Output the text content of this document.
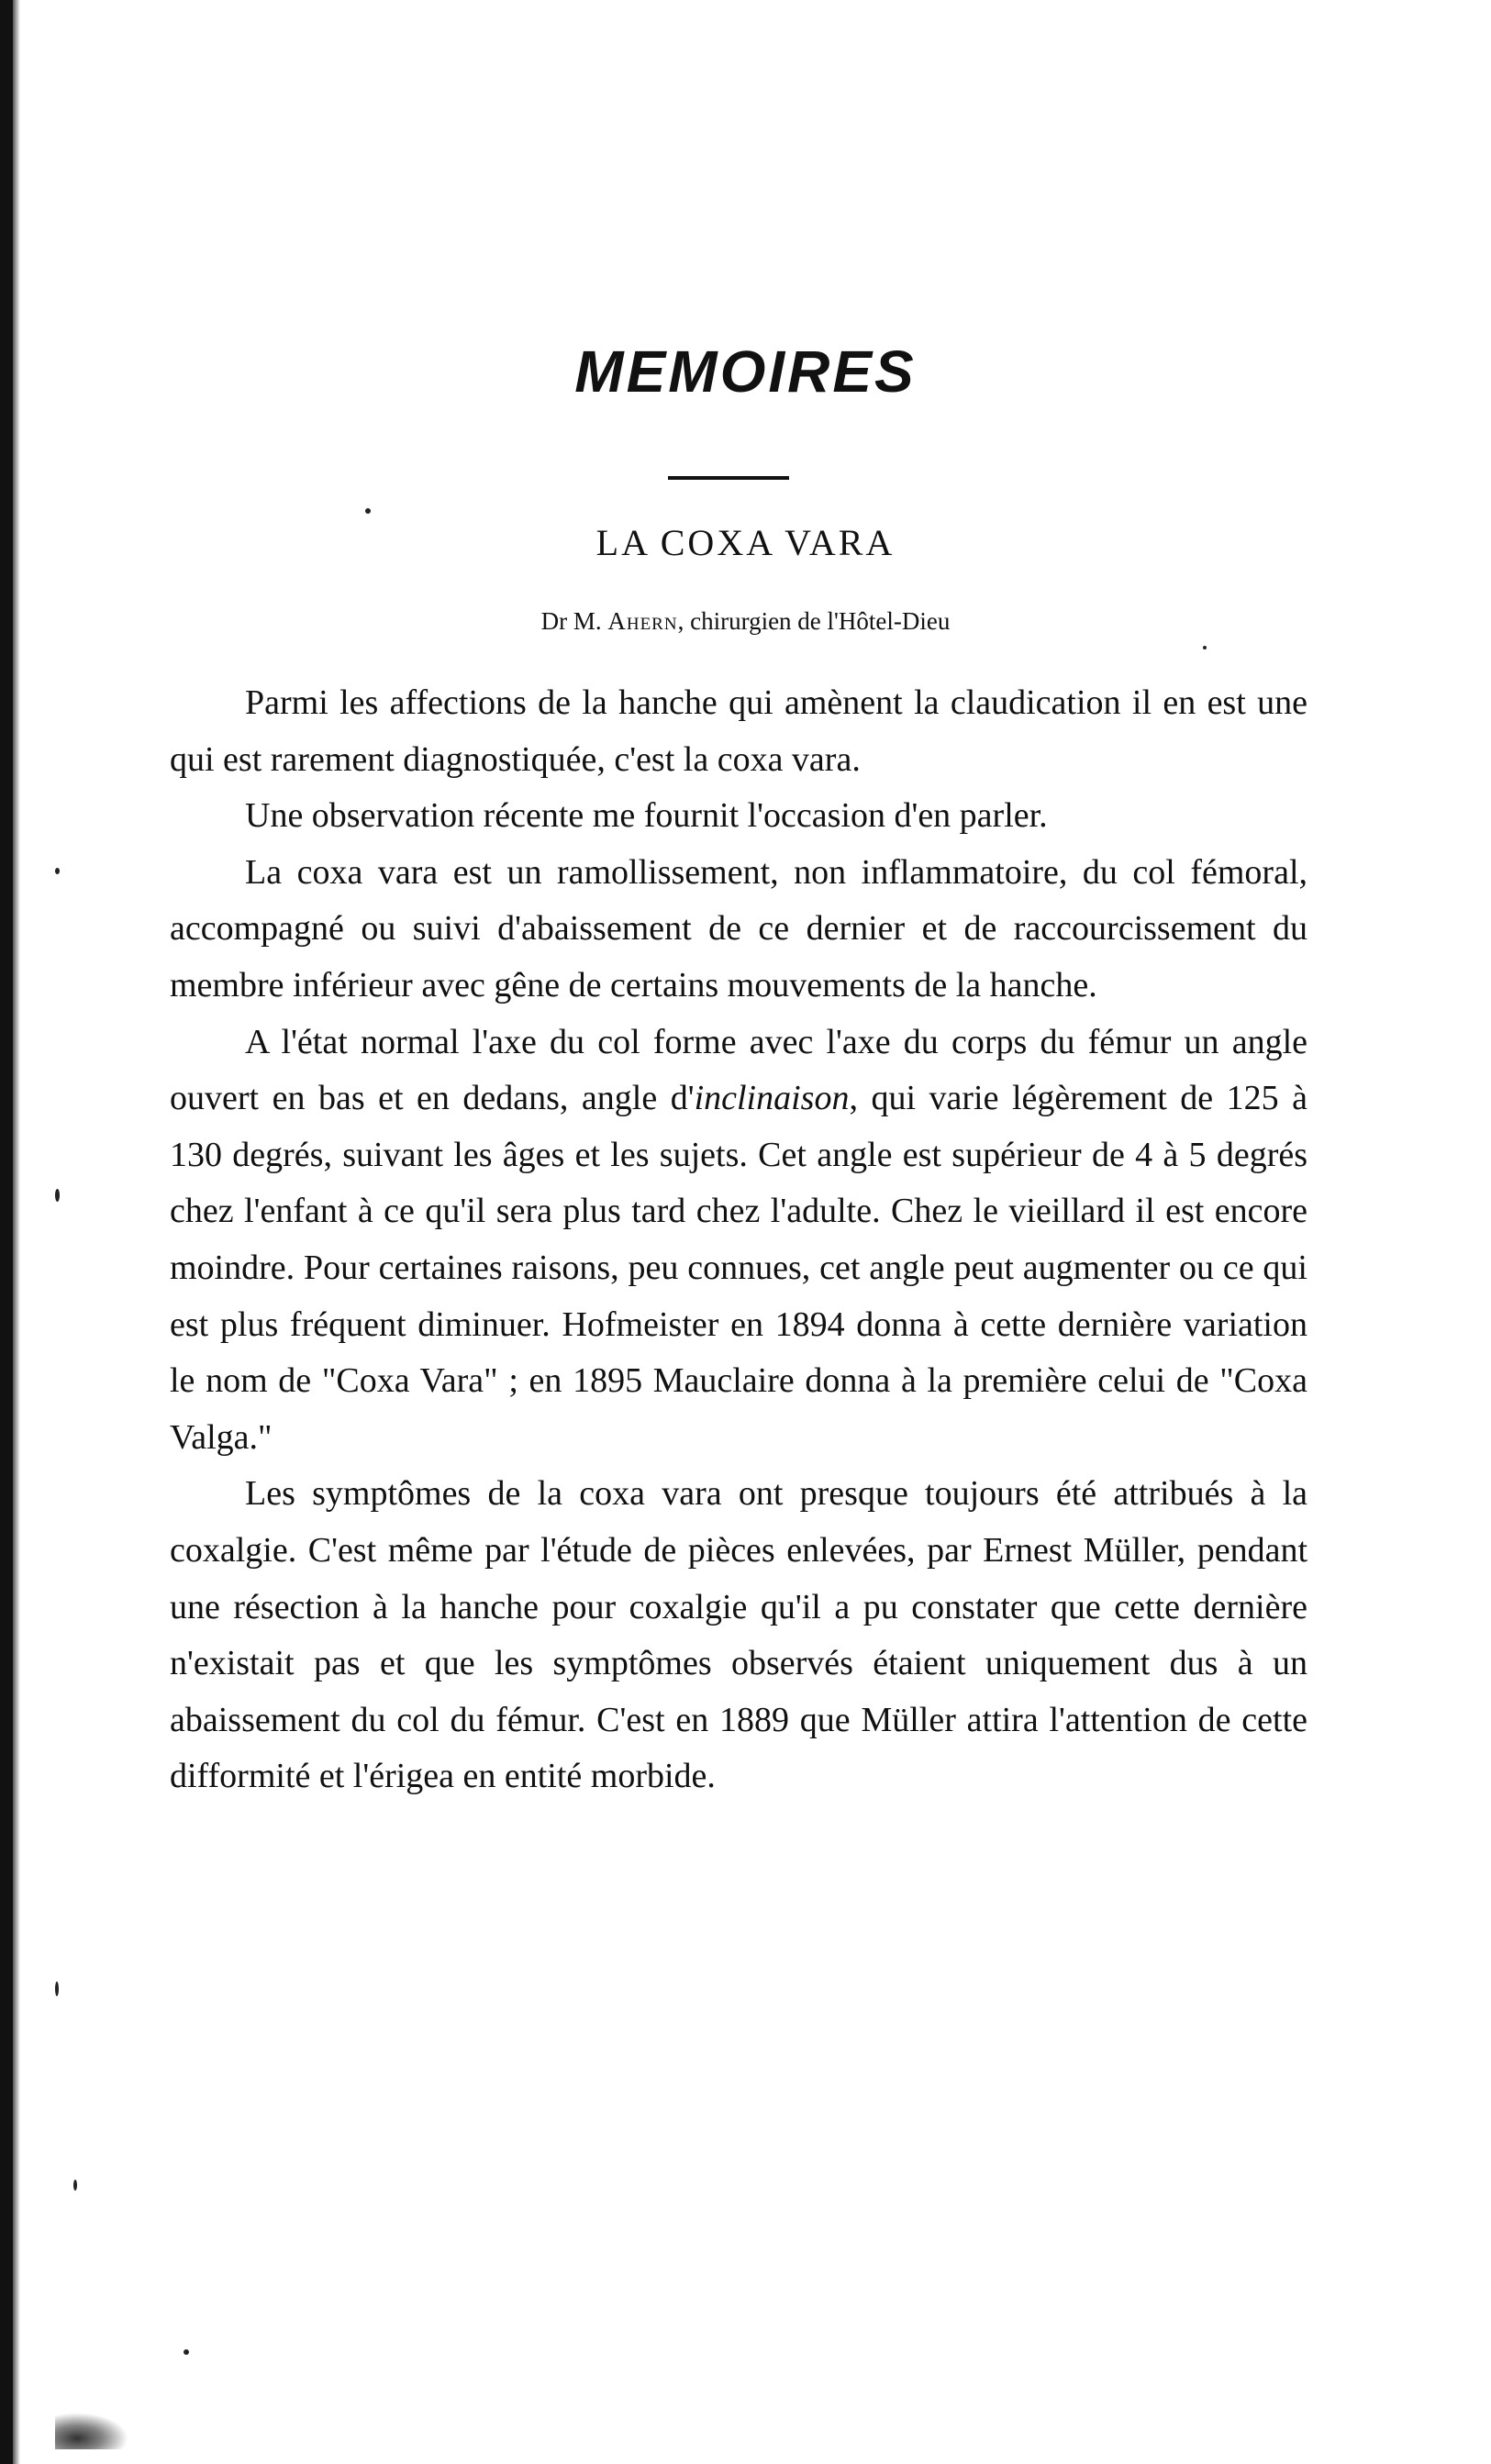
MEMOIRES
LA COXA VARA
Dr M. Ahern, chirurgien de l'Hôtel-Dieu

Parmi les affections de la hanche qui amènent la claudication il en est une qui est rarement diagnostiquée, c'est la coxa vara.

Une observation récente me fournit l'occasion d'en parler.

La coxa vara est un ramollissement, non inflammatoire, du col fémoral, accompagné ou suivi d'abaissement de ce dernier et de raccourcissement du membre inférieur avec gêne de certains mouvements de la hanche.

A l'état normal l'axe du col forme avec l'axe du corps du fémur un angle ouvert en bas et en dedans, angle d'inclinaison, qui varie légèrement de 125 à 130 degrés, suivant les âges et les sujets. Cet angle est supérieur de 4 à 5 degrés chez l'enfant à ce qu'il sera plus tard chez l'adulte. Chez le vieillard il est encore moindre. Pour certaines raisons, peu connues, cet angle peut augmenter ou ce qui est plus fréquent diminuer. Hofmeister en 1894 donna à cette dernière variation le nom de "Coxa Vara" ; en 1895 Mauclaire donna à la première celui de "Coxa Valga."

Les symptômes de la coxa vara ont presque toujours été attribués à la coxalgie. C'est même par l'étude de pièces enlevées, par Ernest Müller, pendant une résection à la hanche pour coxalgie qu'il a pu constater que cette dernière n'existait pas et que les symptômes observés étaient uniquement dus à un abaissement du col du fémur. C'est en 1889 que Müller attira l'attention de cette difformité et l'érigea en entité morbide.
